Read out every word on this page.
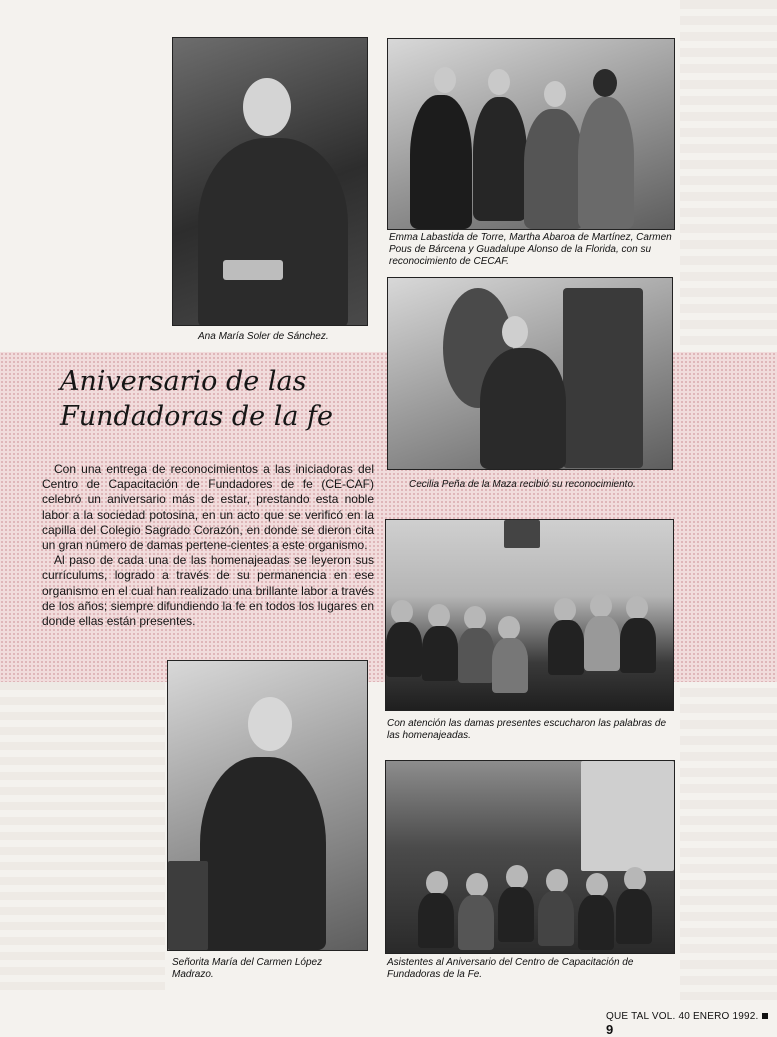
Ana María Soler de Sánchez.
Emma Labastida de Torre, Martha Abaroa de Martínez, Carmen Pous de Bárcena y Guadalupe Alonso de la Florida, con su reconocimiento de CECAF.
Cecilia Peña de la Maza recibió su reconocimiento.
Aniversario de las
Fundadoras de la fe

Con una entrega de reconocimientos a las iniciadoras del Centro de Capacitación de Fundadores de fe (CE-CAF) celebró un aniversario más de estar, prestando esta noble labor a la sociedad potosina, en un acto que se verificó en la capilla del Colegio Sagrado Corazón, en donde se dieron cita un gran número de damas pertene-cientes a este organismo.

Al paso de cada una de las homenajeadas se leyeron sus currículums, logrado a través de su permanencia en ese organismo en el cual han realizado una brillante labor a través de los años; siempre difundiendo la fe en todos los lugares en donde ellas están presentes.

Con atención las damas presentes escucharon las palabras de las homenajeadas.
Señorita María del Carmen López Madrazo.
Asistentes al Aniversario del Centro de Capacitación de Fundadoras de la Fe.
QUE TAL VOL. 40 ENERO 1992.9
